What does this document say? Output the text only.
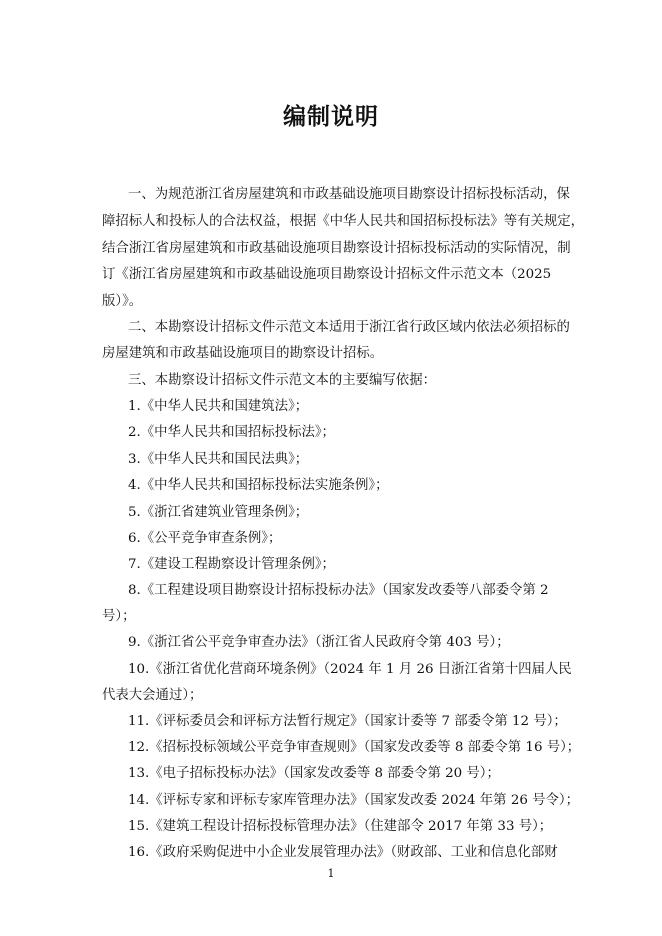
编制说明
一、为规范浙江省房屋建筑和市政基础设施项目勘察设计招标投标活动，保
障招标人和投标人的合法权益，根据《中华人民共和国招标投标法》等有关规定，
结合浙江省房屋建筑和市政基础设施项目勘察设计招标投标活动的实际情况，制
订《浙江省房屋建筑和市政基础设施项目勘察设计招标文件示范文本（2025
版）》。
二、本勘察设计招标文件示范文本适用于浙江省行政区域内依法必须招标的
房屋建筑和市政基础设施项目的勘察设计招标。
三、本勘察设计招标文件示范文本的主要编写依据：
1.《中华人民共和国建筑法》；
2.《中华人民共和国招标投标法》；
3.《中华人民共和国民法典》；
4.《中华人民共和国招标投标法实施条例》；
5.《浙江省建筑业管理条例》；
6.《公平竞争审查条例》；
7.《建设工程勘察设计管理条例》；
8.《工程建设项目勘察设计招标投标办法》（国家发改委等八部委令第 2
号）；
9.《浙江省公平竞争审查办法》（浙江省人民政府令第 403 号）；
10.《浙江省优化营商环境条例》（2024 年 1 月 26 日浙江省第十四届人民
代表大会通过）；
11.《评标委员会和评标方法暂行规定》（国家计委等 7 部委令第 12 号）；
12.《招标投标领域公平竞争审查规则》（国家发改委等 8 部委令第 16 号）；
13.《电子招标投标办法》（国家发改委等 8 部委令第 20 号）；
14.《评标专家和评标专家库管理办法》（国家发改委 2024 年第 26 号令）；
15.《建筑工程设计招标投标管理办法》（住建部令 2017 年第 33 号）；
16.《政府采购促进中小企业发展管理办法》（财政部、工业和信息化部财
1
